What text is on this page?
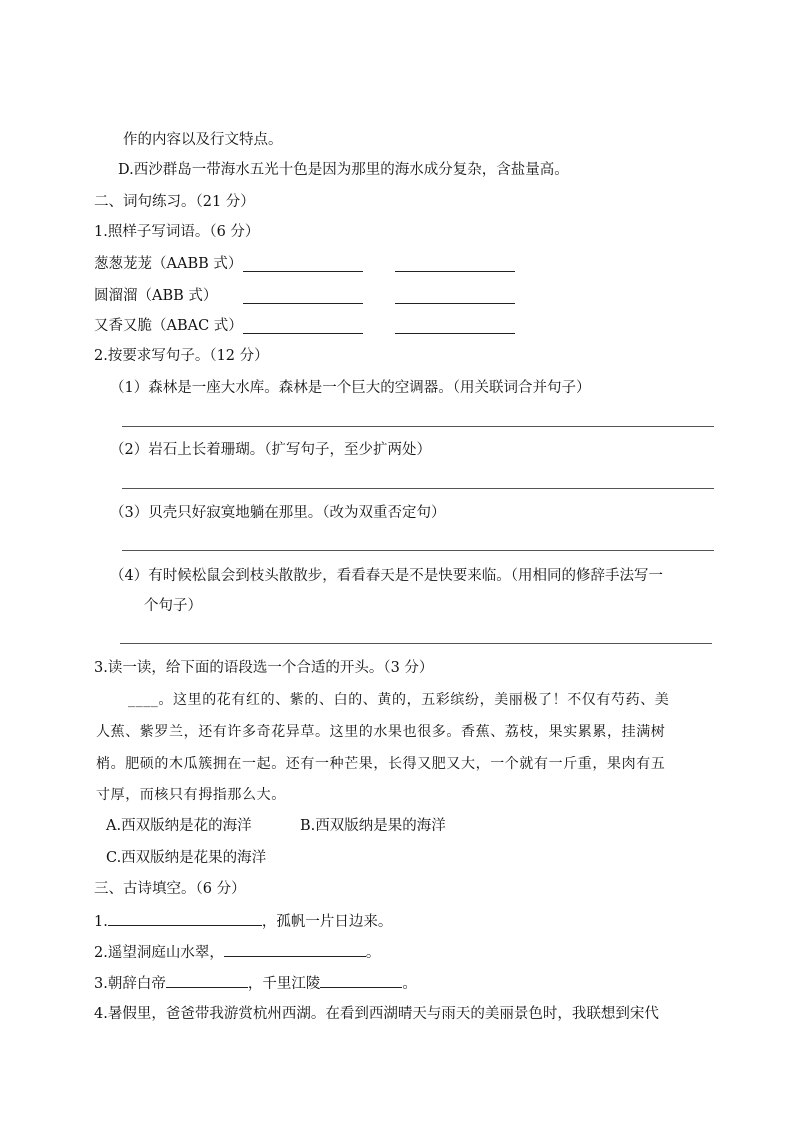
作的内容以及行文特点。
D.西沙群岛一带海水五光十色是因为那里的海水成分复杂，含盐量高。
二、词句练习。（21 分）
1.照样子写词语。（6 分）
葱葱茏茏（AABB 式）
圆溜溜（ABB 式）
又香又脆（ABAC 式）
2.按要求写句子。（12 分）
（1）森林是一座大水库。森林是一个巨大的空调器。（用关联词合并句子）
（2）岩石上长着珊瑚。（扩写句子，至少扩两处）
（3）贝壳只好寂寞地躺在那里。（改为双重否定句）
（4）有时候松鼠会到枝头散散步，看看春天是不是快要来临。（用相同的修辞手法写一
个句子）
3.读一读，给下面的语段选一个合适的开头。（3 分）
____。这里的花有红的、紫的、白的、黄的，五彩缤纷，美丽极了！不仅有芍药、美
人蕉、紫罗兰，还有许多奇花异草。这里的水果也很多。香蕉、荔枝，果实累累，挂满树
梢。肥硕的木瓜簇拥在一起。还有一种芒果，长得又肥又大，一个就有一斤重，果肉有五
寸厚，而核只有拇指那么大。
A.西双版纳是花的海洋	B.西双版纳是果的海洋
C.西双版纳是花果的海洋
三、古诗填空。（6 分）
1.	，孤帆一片日边来。
2.遥望洞庭山水翠，	。
3.朝辞白帝	，千里江陵	。
4.暑假里，爸爸带我游赏杭州西湖。在看到西湖晴天与雨天的美丽景色时，我联想到宋代
